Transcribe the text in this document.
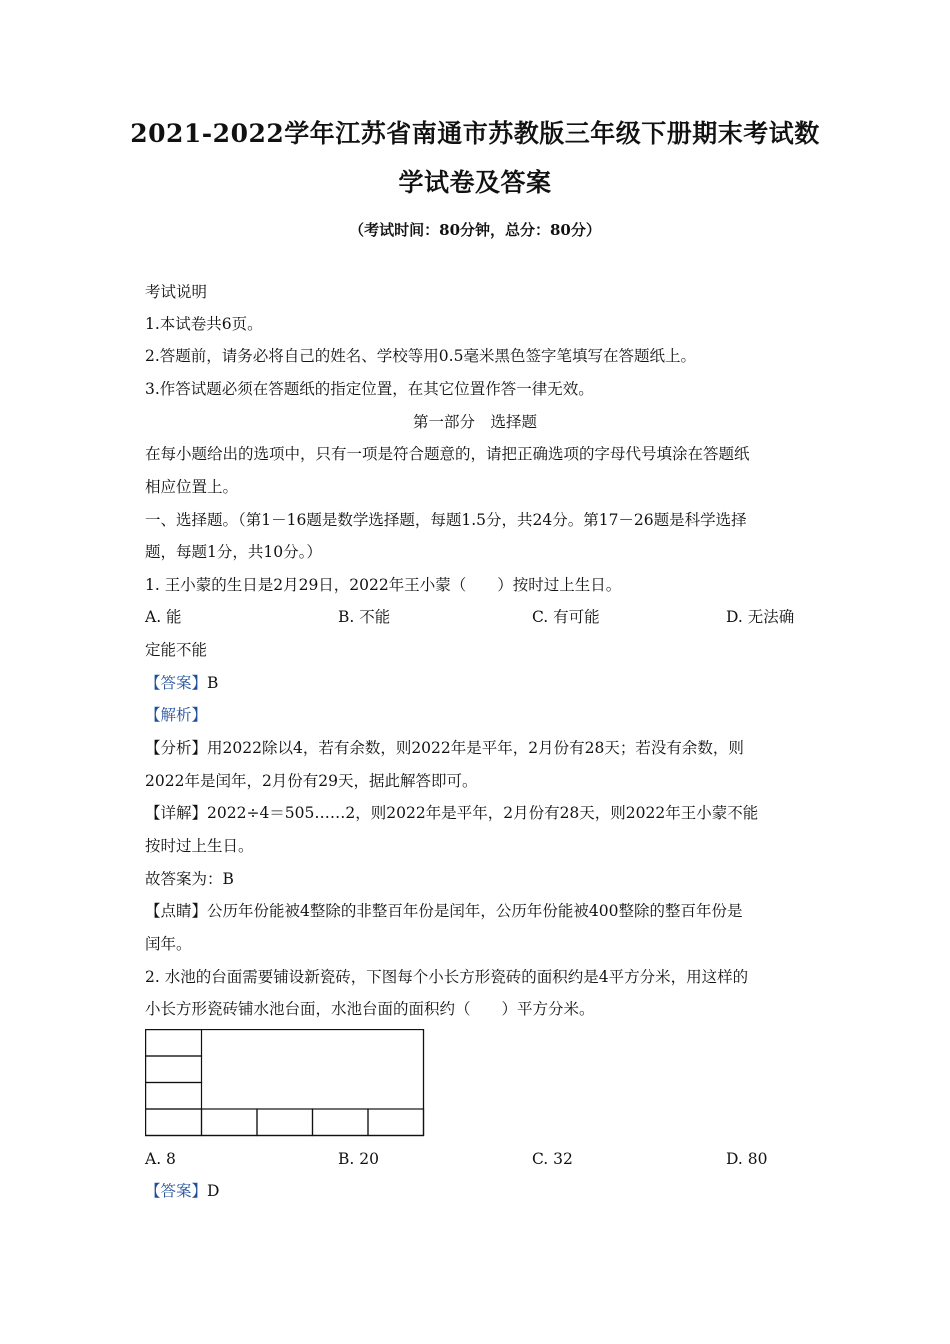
2021-2022学年江苏省南通市苏教版三年级下册期末考试数
学试卷及答案
（考试时间：80分钟，总分：80分）
考试说明
1.本试卷共6页。
2.答题前，请务必将自己的姓名、学校等用0.5毫米黑色签字笔填写在答题纸上。
3.作答试题必须在答题纸的指定位置，在其它位置作答一律无效。
第一部分　选择题
在每小题给出的选项中，只有一项是符合题意的，请把正确选项的字母代号填涂在答题纸
相应位置上。
一、选择题。（第1－16题是数学选择题，每题1.5分，共24分。第17－26题是科学选择
题，每题1分，共10分。）
1. 王小蒙的生日是2月29日，2022年王小蒙（　　）按时过上生日。
A. 能	B. 不能	C. 有可能	D. 无法确
定能不能
【答案】B
【解析】
【分析】用2022除以4，若有余数，则2022年是平年，2月份有28天；若没有余数，则
2022年是闰年，2月份有29天，据此解答即可。
【详解】2022÷4＝505……2，则2022年是平年，2月份有28天，则2022年王小蒙不能
按时过上生日。
故答案为：B
【点睛】公历年份能被4整除的非整百年份是闰年，公历年份能被400整除的整百年份是
闰年。
2. 水池的台面需要铺设新瓷砖，下图每个小长方形瓷砖的面积约是4平方分米，用这样的
小长方形瓷砖铺水池台面，水池台面的面积约（　　）平方分米。
A. 8	B. 20	C. 32	D. 80
【答案】D
